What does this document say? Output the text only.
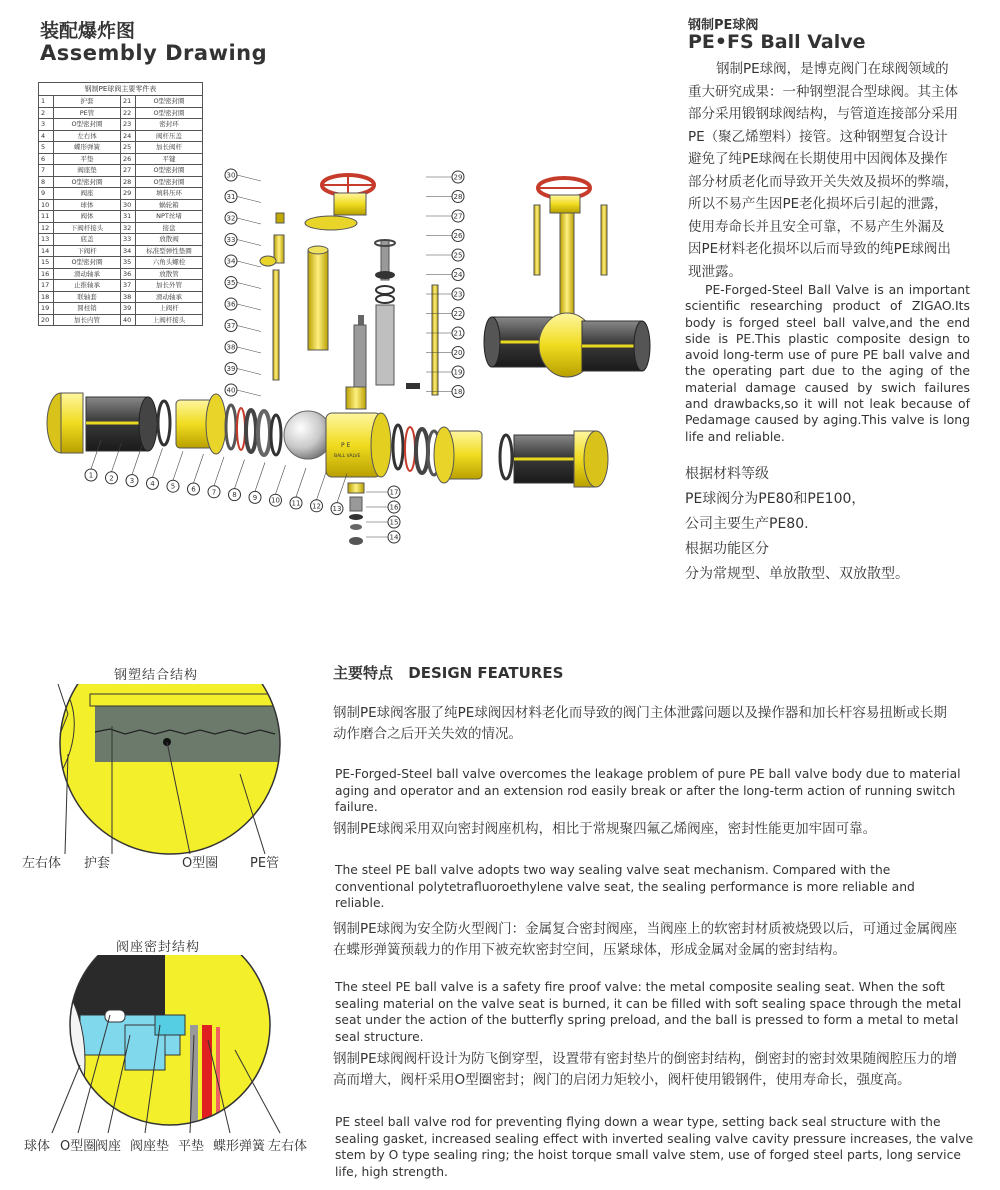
装配爆炸图
Assembly Drawing
钢制PE球阀主要零件表
1	护套	21	O型密封圈
2	PE管	22	O型密封圈
3	O型密封圈	23	密封环
4	左右体	24	阀杆压盖
5	蝶形弹簧	25	加长阀杆
6	平垫	26	平键
7	阀座垫	27	O型密封圈
8	O型密封圈	28	O型密封圈
9	阀座	29	填料压环
10	球体	30	蜗轮箱
11	阀体	31	NPT丝堵
12	下阀杆接头	32	接盘
13	底盖	33	放散阀
14	下阀杆	34	标准型弹性垫圈
15	O型密封圈	35	六角头螺栓
16	滑动轴承	36	放散管
17	止推轴承	37	加长外管
18	联轴套	38	滑动轴承
19	圆柱销	39	上阀杆
20	加长内管	40	上阀杆接头
P E
BALL VALVE
30
31
32
33
34
35
36
37
38
39
40
29
28
27
26
25
24
23
22
21
20
19
18
1 2 3 4 5 6 7 8 9 10 11 12 13
17
16
15
14
钢制PE球阀
PE•FS Ball Valve
钢制PE球阀，是博克阀门在球阀领域的
重大研究成果：一种钢塑混合型球阀。其主体
部分采用锻钢球阀结构，与管道连接部分采用
PE（聚乙烯塑料）接管。这种钢塑复合设计
避免了纯PE球阀在长期使用中因阀体及操作
部分材质老化而导致开关失效及损坏的弊端，
所以不易产生因PE老化损坏后引起的泄露，
使用寿命长并且安全可靠，不易产生外漏及
因PE材料老化损坏以后而导致的纯PE球阀出
现泄露。
PE-Forged-Steel Ball Valve is an important scientific researching product of ZIGAO.Its body is forged steel ball valve,and the end side is PE.This plastic composite design to avoid long-term use of pure PE ball valve and the operating part due to the aging of the material damage caused by swich failures and drawbacks,so it will not leak because of Pedamage caused by aging.This valve is long life and reliable.
根据材料等级
PE球阀分为PE80和PE100，
公司主要生产PE80.
根据功能区分
分为常规型、单放散型、双放散型。
钢塑结合结构
左右体 护套	O型圈 PE管
阀座密封结构
球体 O型圈
阀座 阀座垫 平垫 蝶形弹簧 左右体
主要特点 DESIGN FEATURES
钢制PE球阀客服了纯PE球阀因材料老化而导致的阀门主体泄露问题以及操作器和加长杆容易扭断或长期动作磨合之后开关失效的情况。
PE-Forged-Steel ball valve overcomes the leakage problem of pure PE ball valve body due to material aging and operator and an extension rod easily break or after the long-term action of running switch failure.
钢制PE球阀采用双向密封阀座机构，相比于常规聚四氟乙烯阀座，密封性能更加牢固可靠。
The steel PE ball valve adopts two way sealing valve seat mechanism. Compared with the conventional polytetrafluoroethylene valve seat, the sealing performance is more reliable and reliable.
钢制PE球阀为安全防火型阀门：金属复合密封阀座，当阀座上的软密封材质被烧毁以后，可通过金属阀座在蝶形弹簧预载力的作用下被充软密封空间，压紧球体，形成金属对金属的密封结构。
The steel PE ball valve is a safety fire proof valve: the metal composite sealing seat. When the soft sealing material on the valve seat is burned, it can be filled with soft sealing space through the metal seat under the action of the butterfly spring preload, and the ball is pressed to form a metal to metal seal structure.
钢制PE球阀阀杆设计为防飞倒穿型，设置带有密封垫片的倒密封结构，倒密封的密封效果随阀腔压力的增高而增大，阀杆采用O型圈密封；阀门的启闭力矩较小，阀杆使用锻钢件，使用寿命长，强度高。
PE steel ball valve rod for preventing flying down a wear type, setting back seal structure with the sealing gasket, increased sealing effect with inverted sealing valve cavity pressure increases, the valve stem by O type sealing ring; the hoist torque small valve stem, use of forged steel parts, long service life, high strength.
